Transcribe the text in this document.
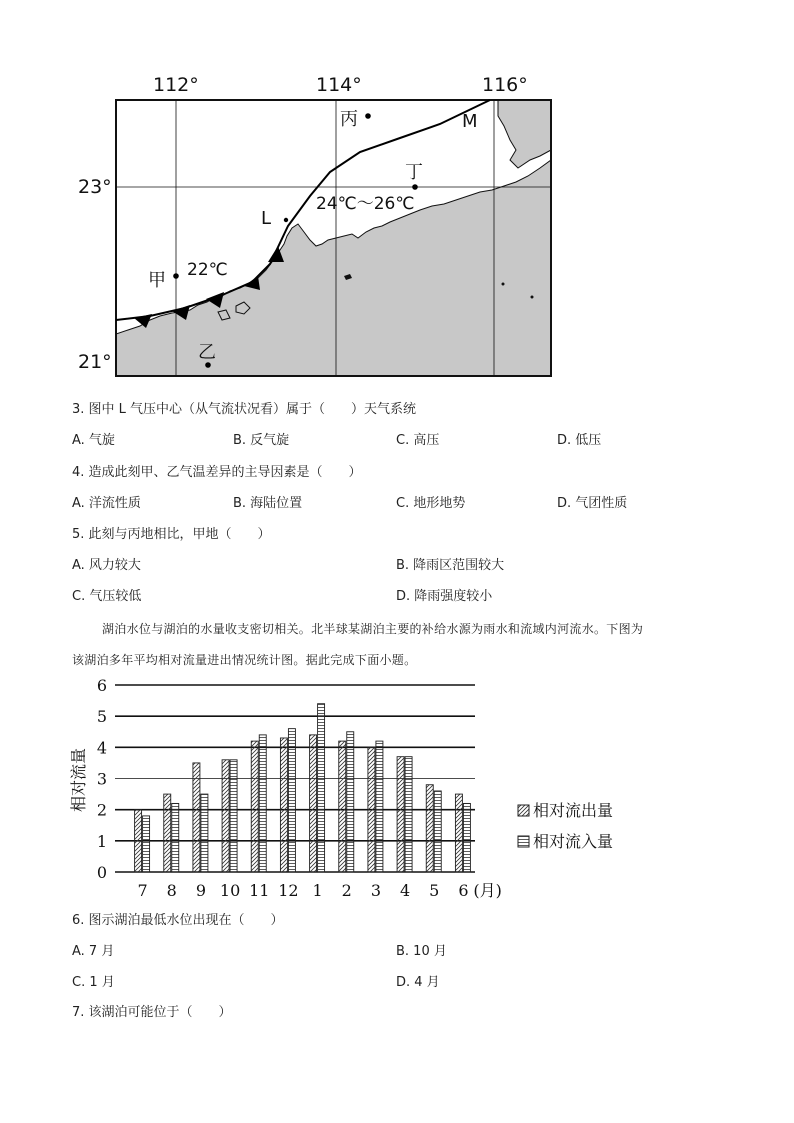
112°	114°	116°
23°
21°
丙	M
丁
24℃～26℃
L
甲 22℃
乙
3. 图中 L 气压中心（从气流状况看）属于（　　）天气系统
A. 气旋	B. 反气旋	C. 高压	D. 低压
4. 造成此刻甲、乙气温差异的主导因素是（　　）
A. 洋流性质	B. 海陆位置	C. 地形地势	D. 气团性质
5. 此刻与丙地相比，甲地（　　）
A. 风力较大	B. 降雨区范围较大
C. 气压较低	D. 降雨强度较小
湖泊水位与湖泊的水量收支密切相关。北半球某湖泊主要的补给水源为雨水和流域内河流水。下图为
该湖泊多年平均相对流量进出情况统计图。据此完成下面小题。
0
1
2
3
4
5
6
7 8 9 10 11 12 1 2 3 4 5 6 (月)
相对流量	相对流出量
相对流入量
6. 图示湖泊最低水位出现在（　　）
A. 7 月	B. 10 月
C. 1 月	D. 4 月
7. 该湖泊可能位于（　　）
